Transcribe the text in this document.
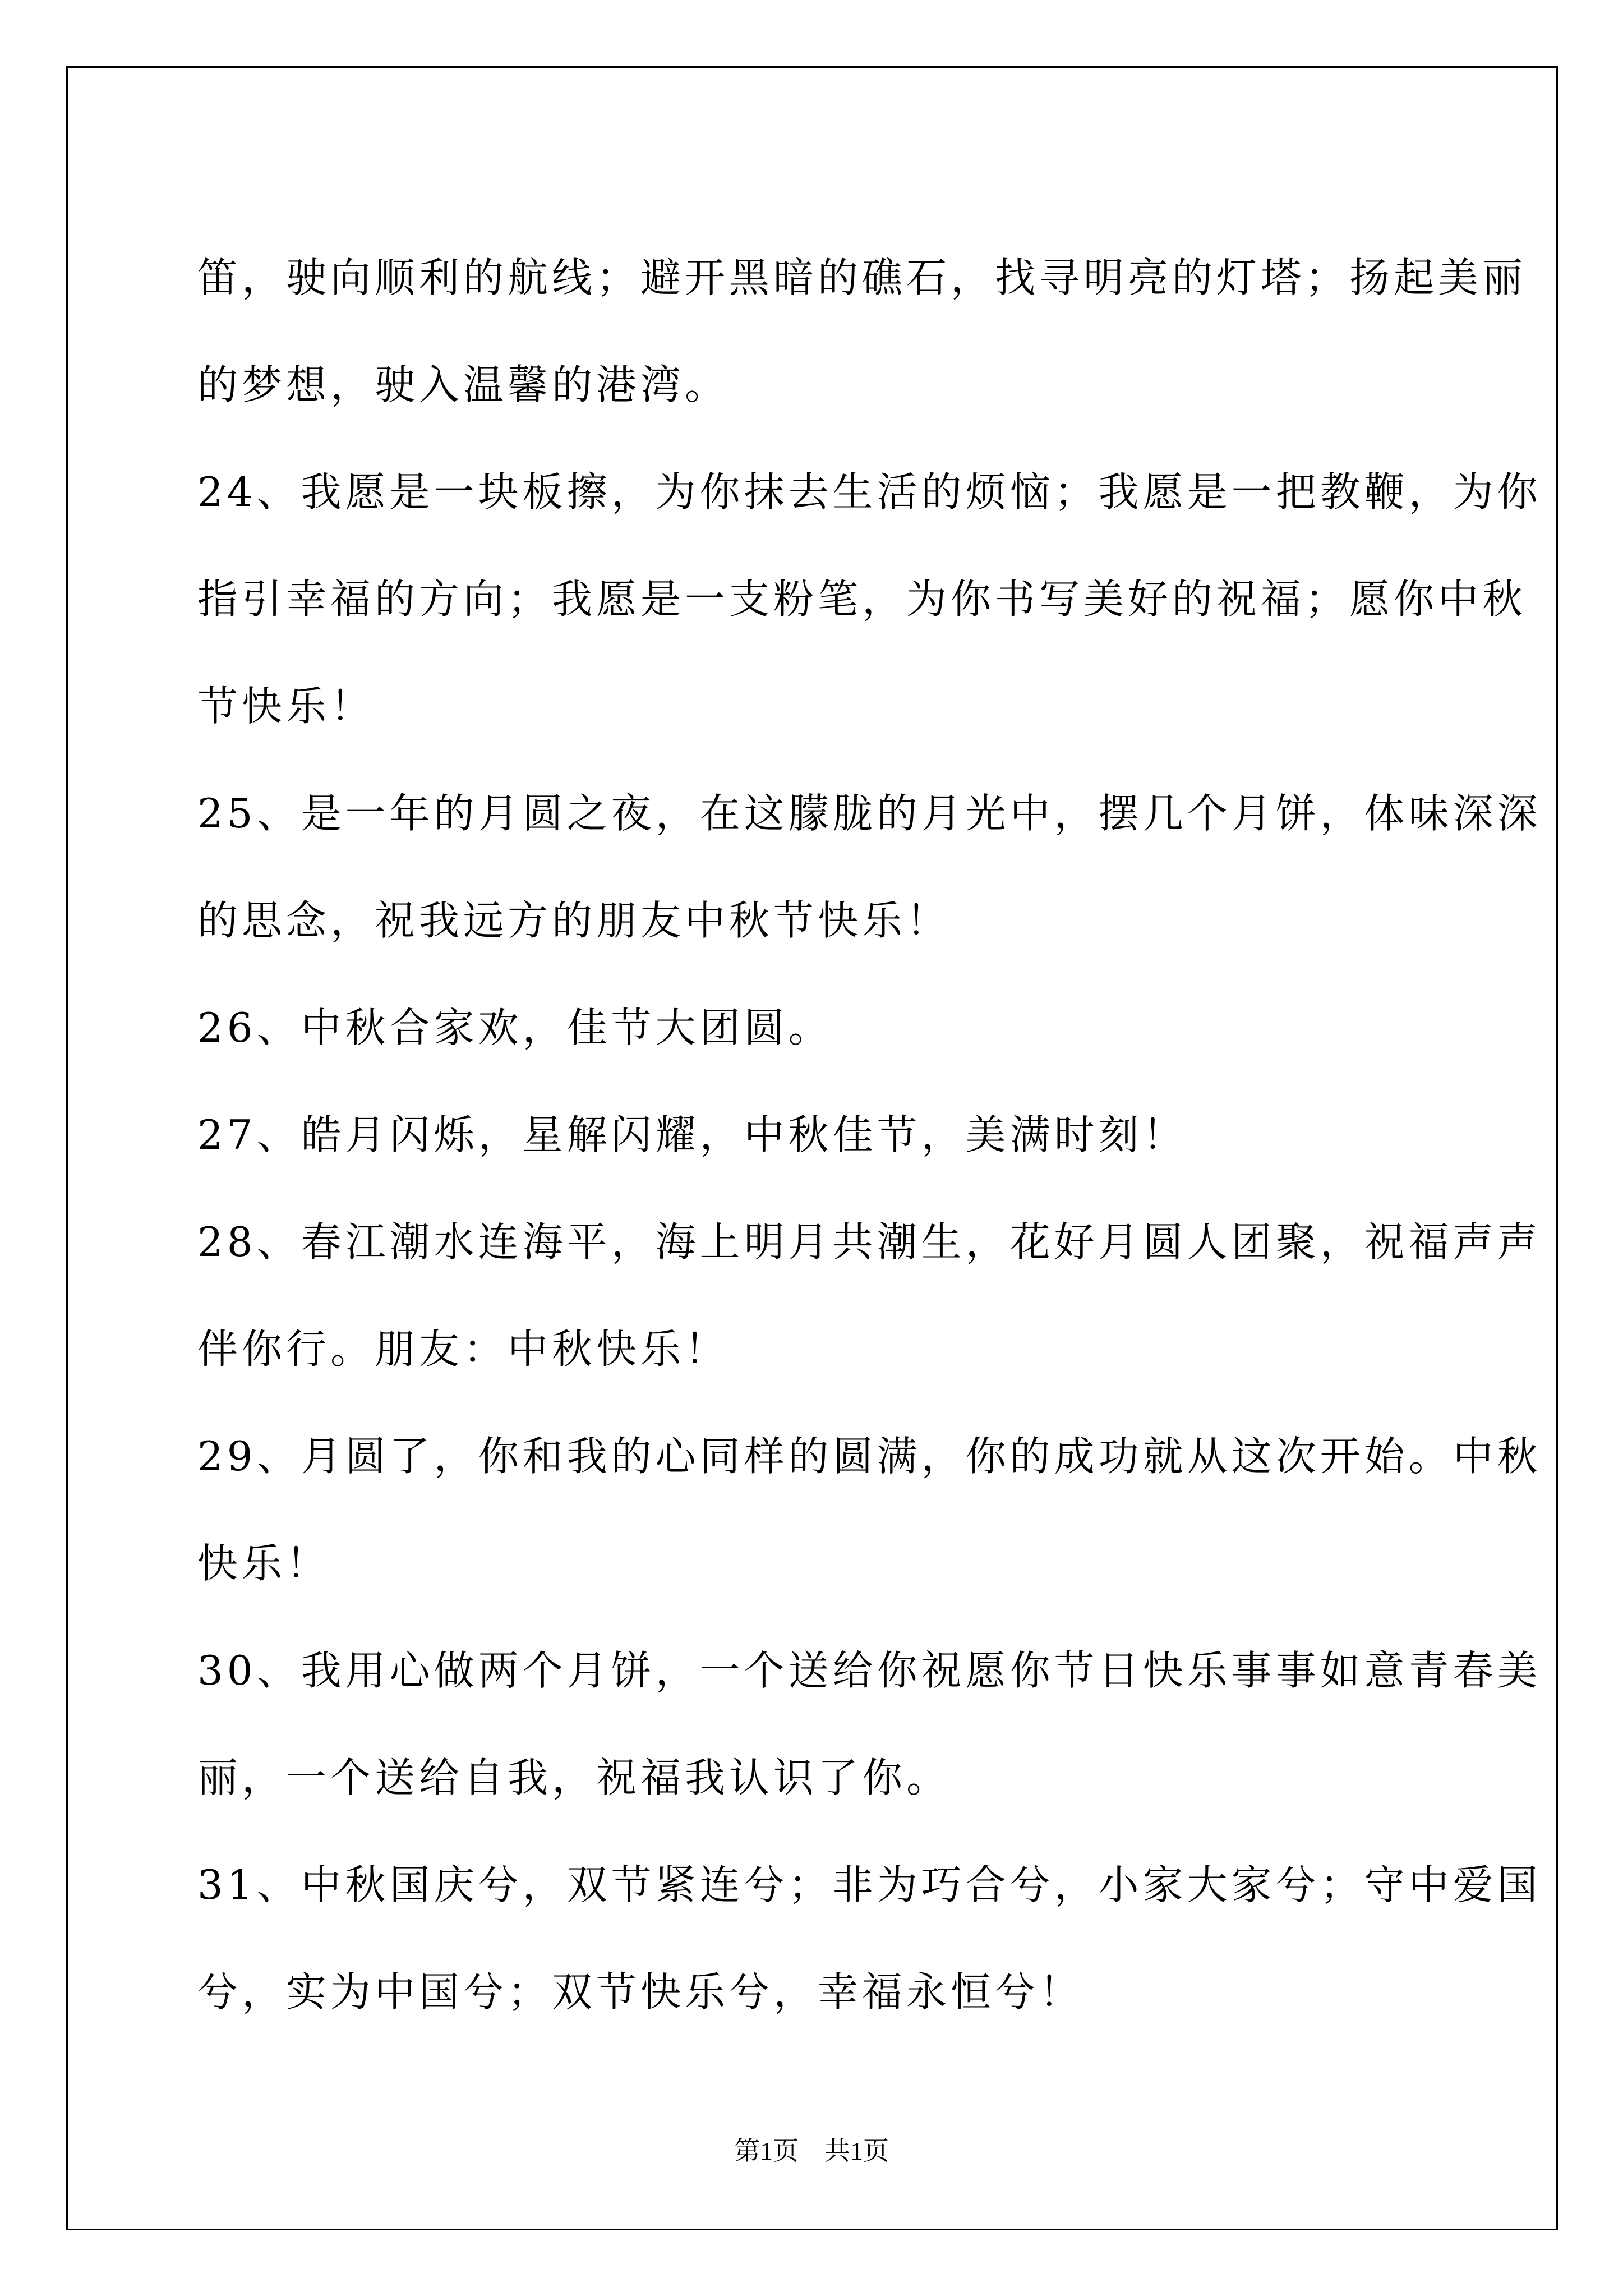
笛，驶向顺利的航线；避开黑暗的礁石，找寻明亮的灯塔；扬起美丽
的梦想，驶入温馨的港湾。

24、我愿是一块板擦，为你抹去生活的烦恼；我愿是一把教鞭，为你
指引幸福的方向；我愿是一支粉笔，为你书写美好的祝福；愿你中秋
节快乐！

25、是一年的月圆之夜，在这朦胧的月光中，摆几个月饼，体味深深
的思念，祝我远方的朋友中秋节快乐！

26、中秋合家欢，佳节大团圆。

27、皓月闪烁，星解闪耀，中秋佳节，美满时刻！

28、春江潮水连海平，海上明月共潮生，花好月圆人团聚，祝福声声
伴你行。朋友：中秋快乐！

29、月圆了，你和我的心同样的圆满，你的成功就从这次开始。中秋
快乐！

30、我用心做两个月饼，一个送给你祝愿你节日快乐事事如意青春美
丽，一个送给自我，祝福我认识了你。

31、中秋国庆兮，双节紧连兮；非为巧合兮，小家大家兮；守中爱国
兮，实为中国兮；双节快乐兮，幸福永恒兮！

第1页　共1页
